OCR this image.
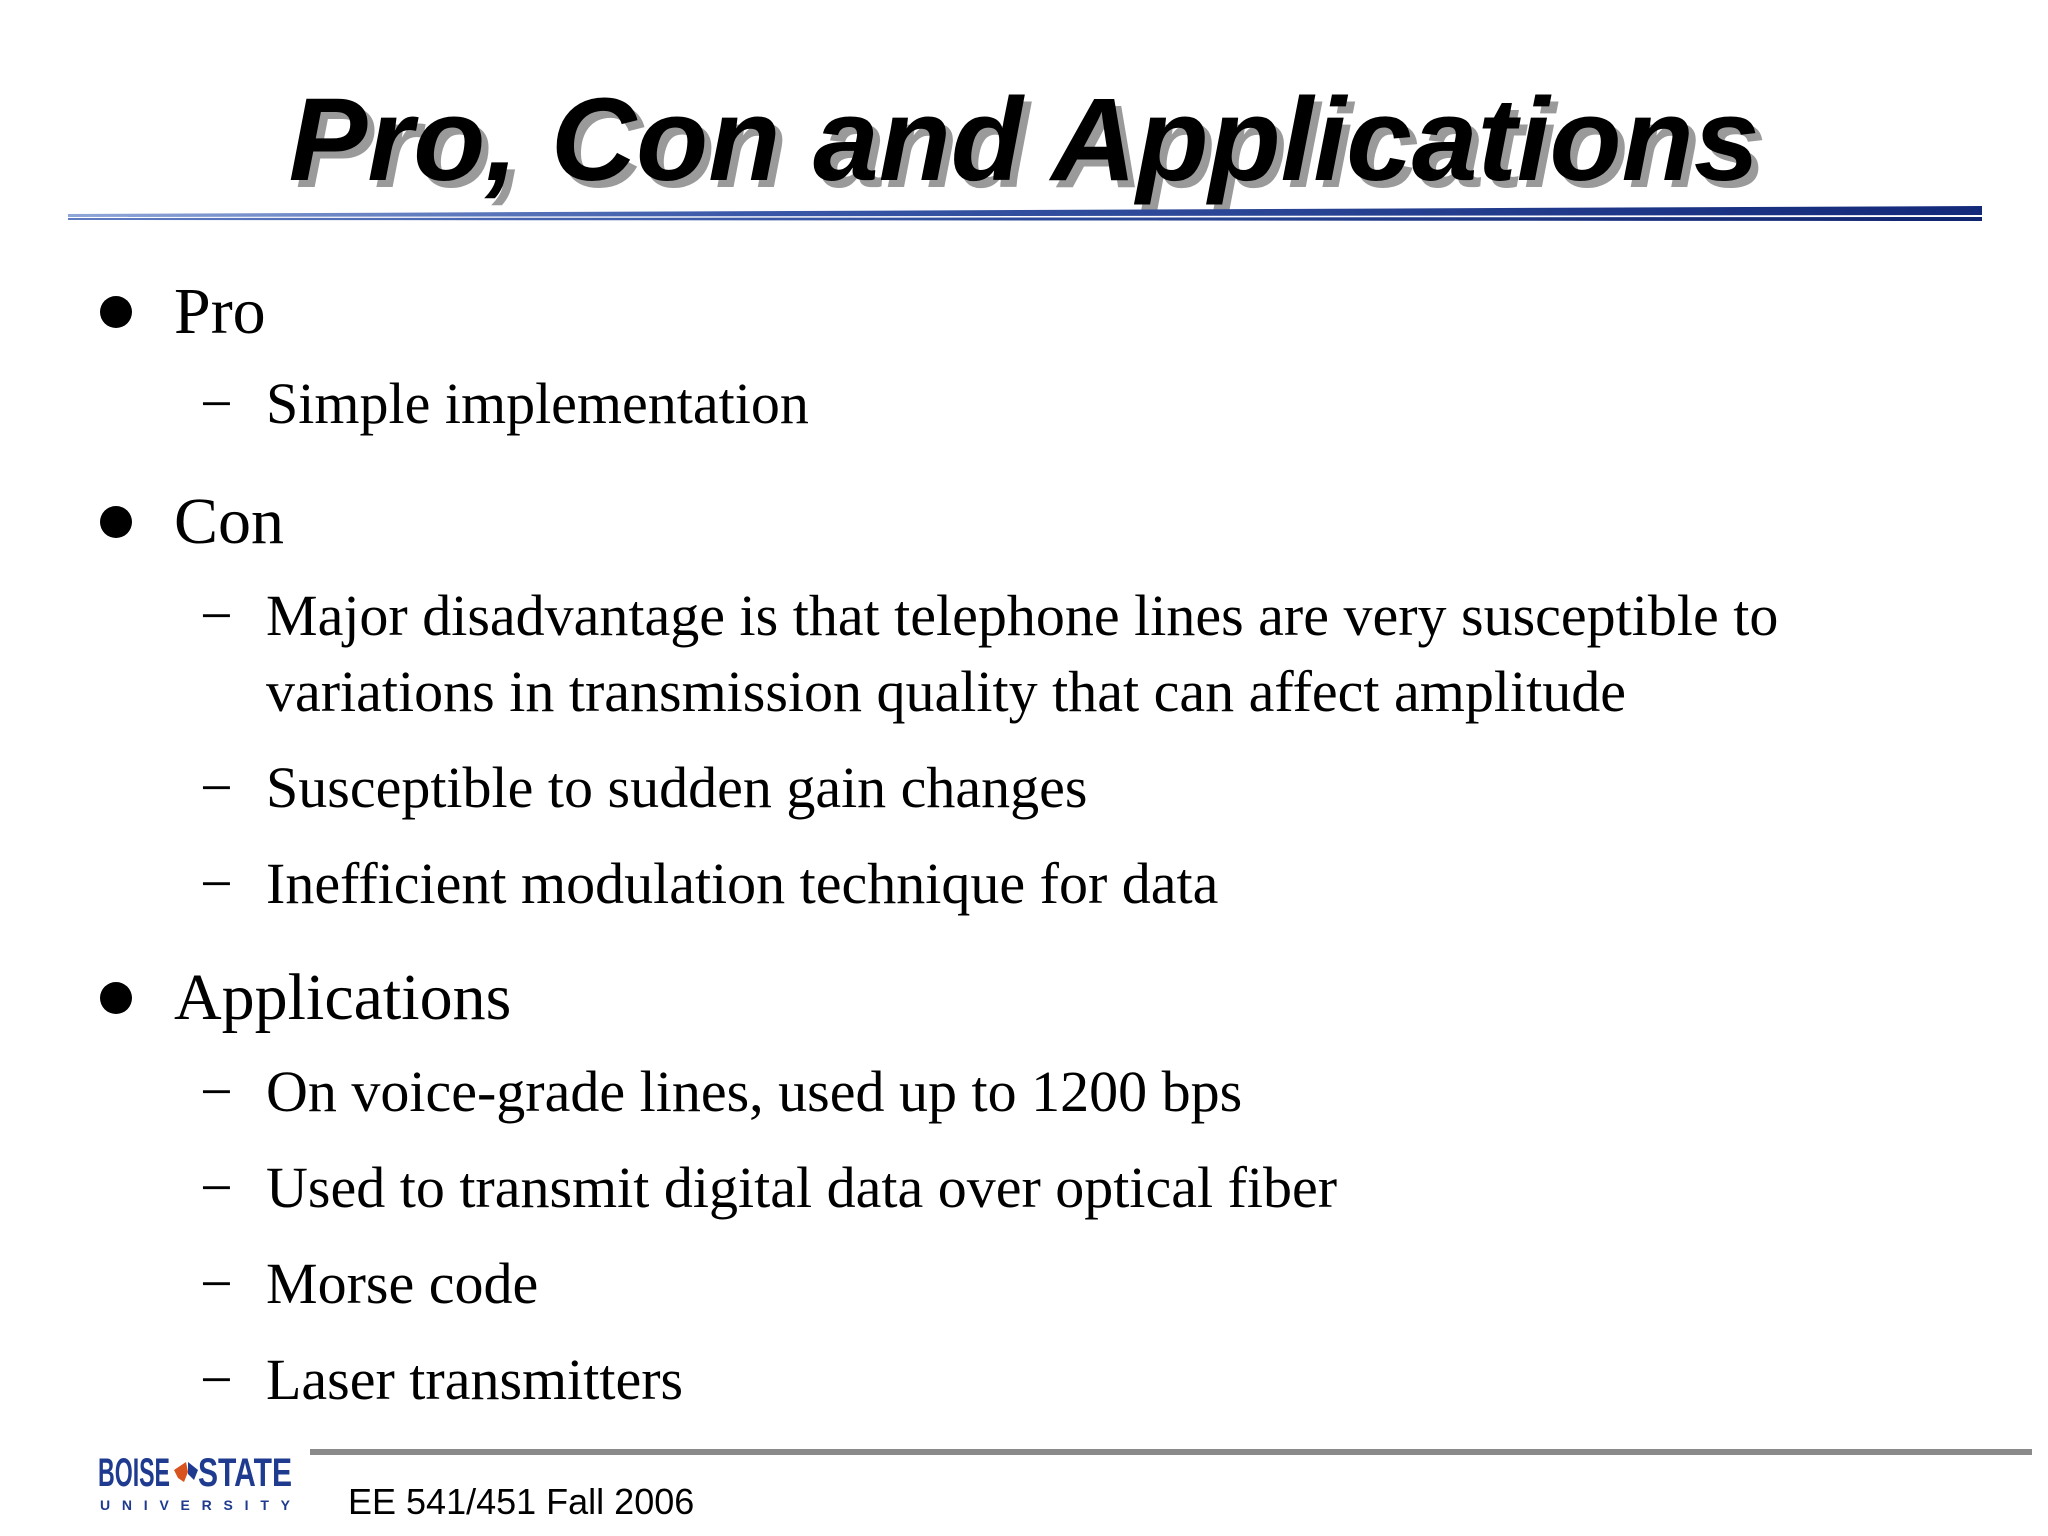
Pro, Con and Applications
Pro
− Simple implementation
Con
− Major disadvantage is that telephone lines are very susceptible to
variations in transmission quality that can affect amplitude
− Susceptible to sudden gain changes
− Inefficient modulation technique for data
Applications
− On voice-grade lines, used up to 1200 bps
− Used to transmit digital data over optical fiber
− Morse code
− Laser transmitters
BOISE STATE
UNIVERSITY EE 541/451 Fall 2006
